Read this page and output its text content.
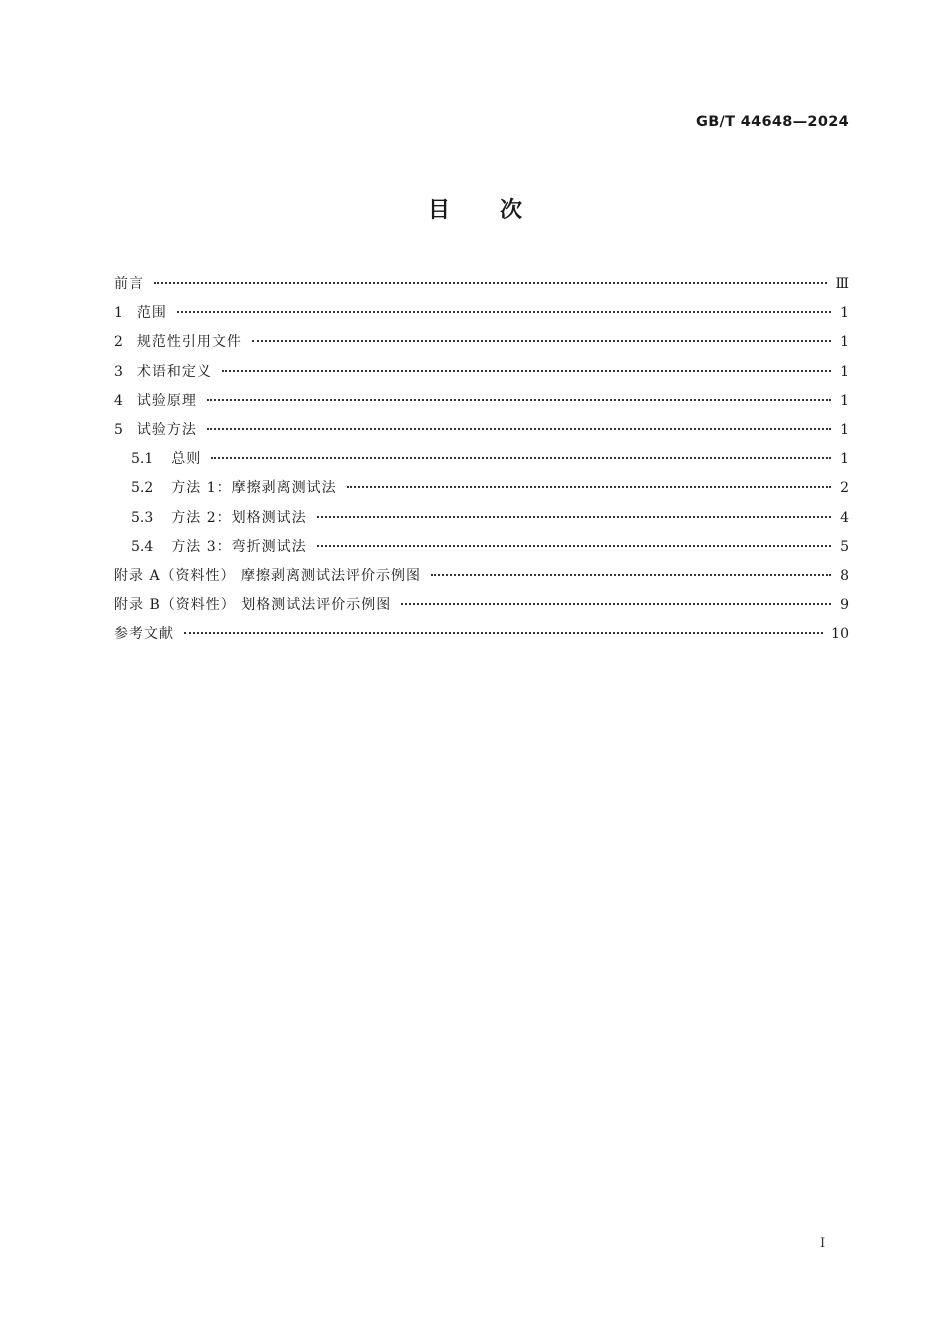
GB/T 44648—2024
目次
前言	Ⅲ
1 范围	1
2 规范性引用文件	1
3 术语和定义	1
4 试验原理	1
5 试验方法	1
5.1 总则	1
5.2 方法 1：摩擦剥离测试法	2
5.3 方法 2：划格测试法	4
5.4 方法 3：弯折测试法	5
附录 A（资料性） 摩擦剥离测试法评价示例图	8
附录 B（资料性） 划格测试法评价示例图	9
参考文献	10
I
